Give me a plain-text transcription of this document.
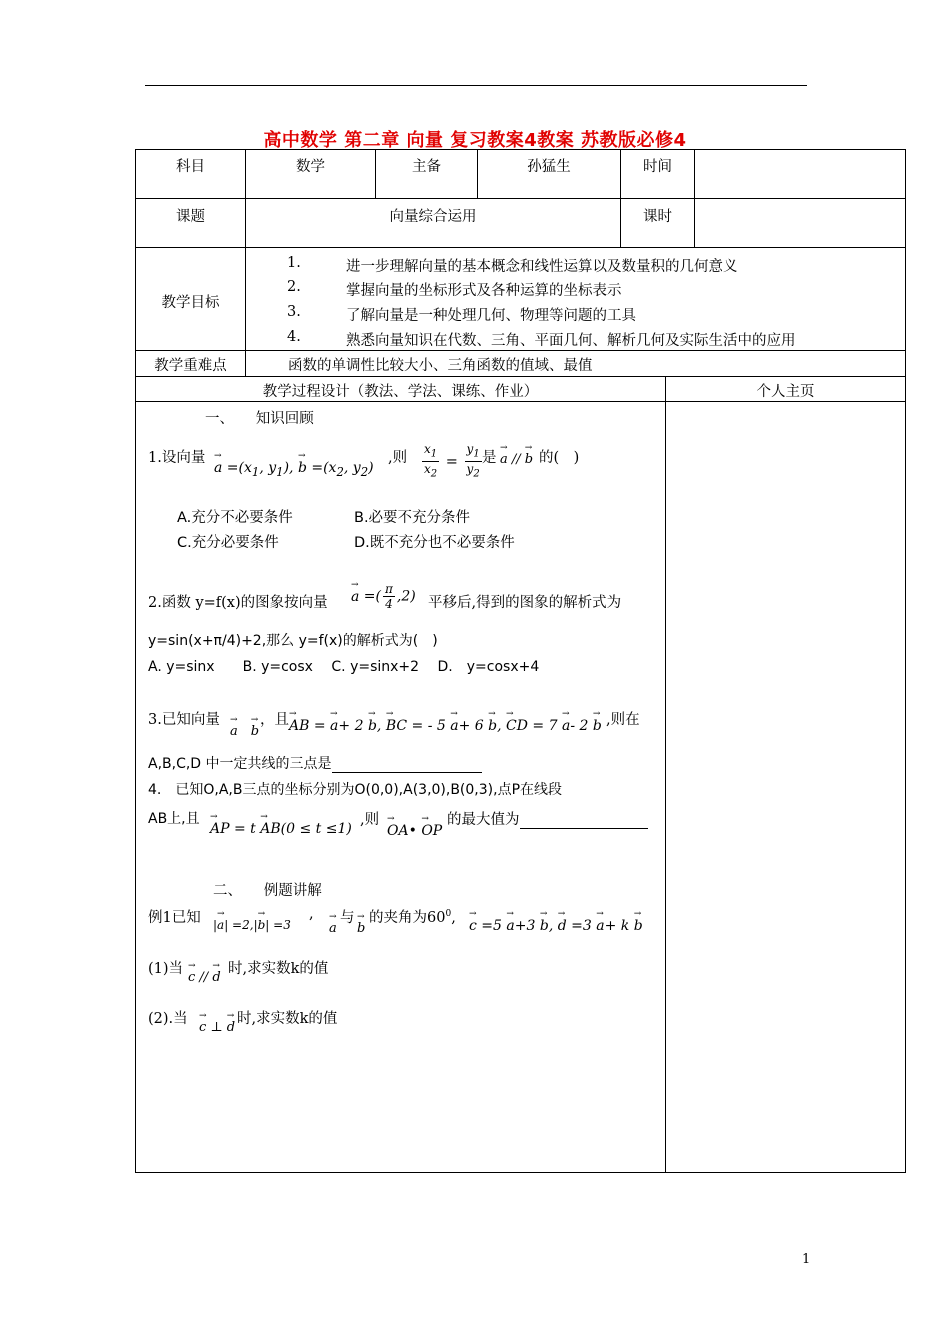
高中数学 第二章 向量 复习教案4教案 苏教版必修4
科目	数学	主备	孙猛生	时间
课题	向量综合运用	课时
教学目标
1.	进一步理解向量的基本概念和线性运算以及数量积的几何意义
2.	掌握向量的坐标形式及各种运算的坐标表示
3.	了解向量是一种处理几何、物理等问题的工具
4.	熟悉向量知识在代数、三角、平面几何、解析几何及实际生活中的应用
教学重难点	函数的单调性比较大小、三角函数的值域、最值
教学过程设计（教法、学法、课练、作业）	个人主页
一、　　知识回顾
1.设向量
→ $a =(x_1$, $y_1$), → $b =(x_2$, $y_2$)
,则 $\frac{x_1}{x_2} = \frac{y_1}{y_2}$ 是 → a // → b 的(　)
A.充分不必要条件	B.必要不充分条件
C.充分必要条件	D.既不充分也不必要条件
2.函数 y=f(x)的图象按向量 → a =( $\frac{\pi}{4} ,2$) 平移后,得到的图象的解析式为
y=sin(x+π/4)+2,那么 y=f(x)的解析式为(　)
A. y=sinx　　B. y=cosx　 C. y=sinx+2　 D.　y=cosx+4
3.已知向量
→ a　 → b
，且 → AB = → a+ 2 → b, → BC = - 5 → a+ 6 → b, → CD = 7 → a- 2 → b ,则在
A,B,C,D 中一定共线的三点是
4.　已知O,A,B三点的坐标分别为O(0,0),A(3,0),B(0,3),点P在线段
AB上,且
→ AP = t → AB(0 ≤ t ≤1)
,则
→ OA• → OP
的最大值为
二、　　例题讲解
例1已知 |→ a| =2,|→ b| =3
,
→ a
与
→ b
的夹角为$60^0$, → c =5 → a+3 → b, → d =3 → a+ k → b
(1)当
→ c // → d
时,求实数k的值
(2).当
→ c ⊥ → d
时,求实数k的值
1
